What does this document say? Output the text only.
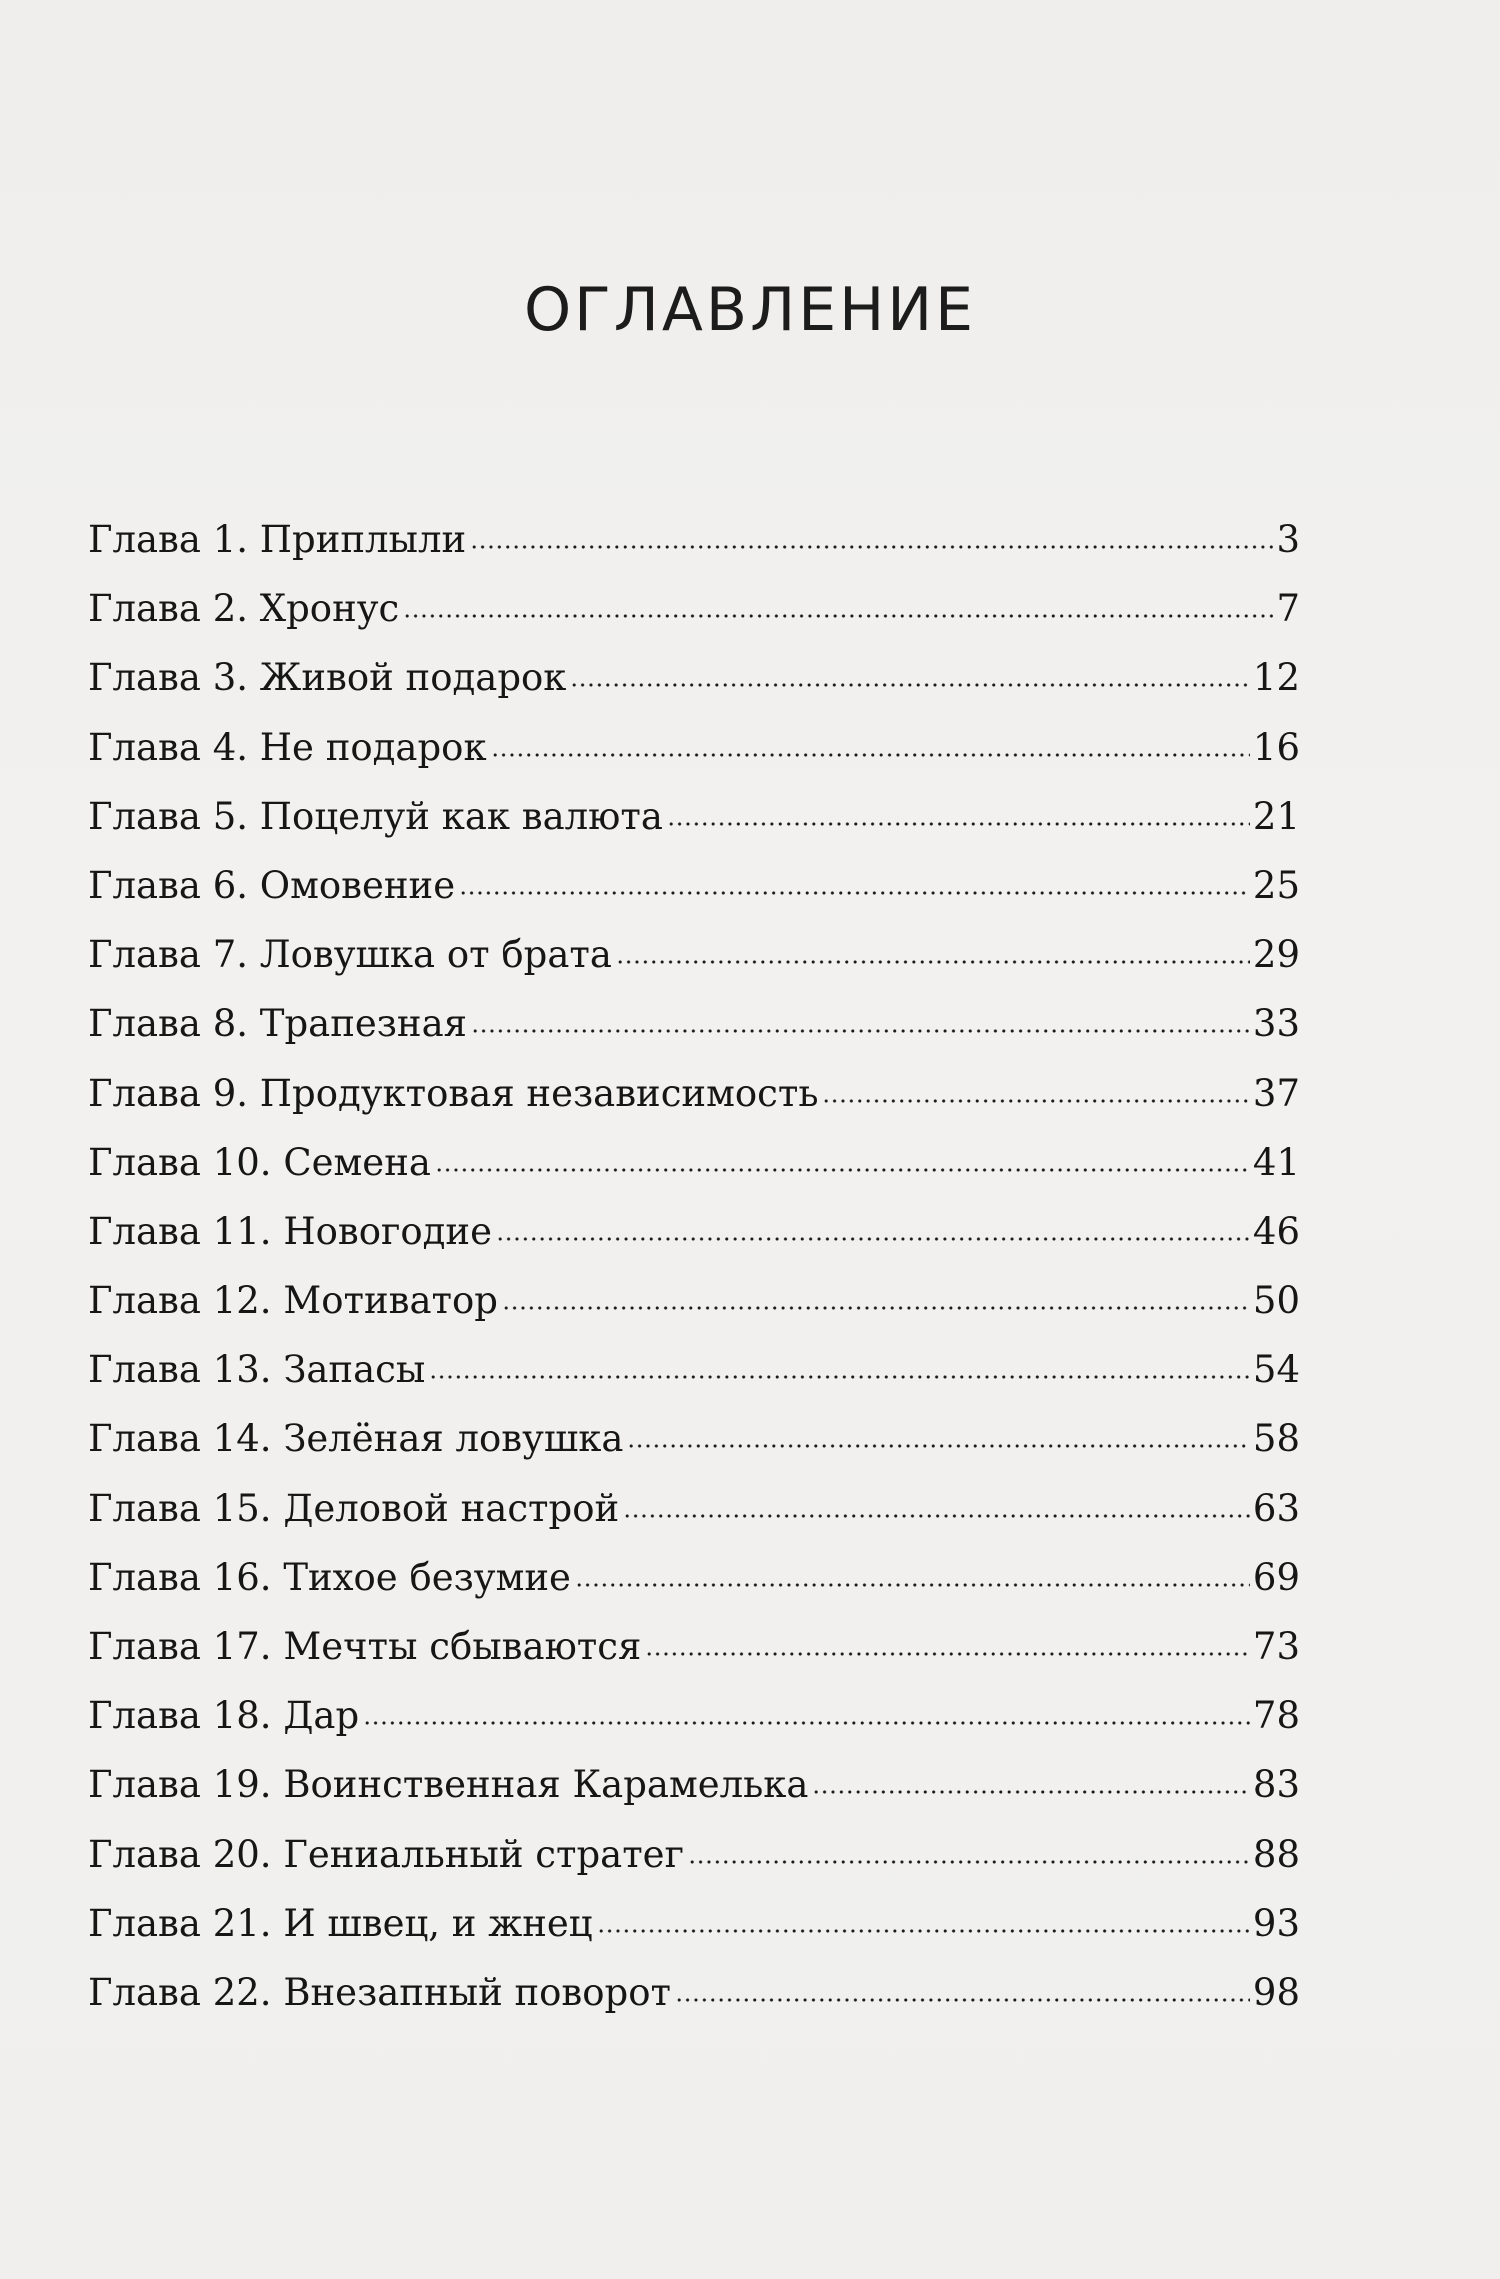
ОГЛАВЛЕНИЕ
Глава 1. Приплыли	3
Глава 2. Хронус	7
Глава 3. Живой подарок	12
Глава 4. Не подарок	16
Глава 5. Поцелуй как валюта	21
Глава 6. Омовение	25
Глава 7. Ловушка от брата	29
Глава 8. Трапезная	33
Глава 9. Продуктовая независимость	37
Глава 10. Семена	41
Глава 11. Новогодие	46
Глава 12. Мотиватор	50
Глава 13. Запасы	54
Глава 14. Зелёная ловушка	58
Глава 15. Деловой настрой	63
Глава 16. Тихое безумие	69
Глава 17. Мечты сбываются	73
Глава 18. Дар	78
Глава 19. Воинственная Карамелька	83
Глава 20. Гениальный стратег	88
Глава 21. И швец, и жнец	93
Глава 22. Внезапный поворот	98
